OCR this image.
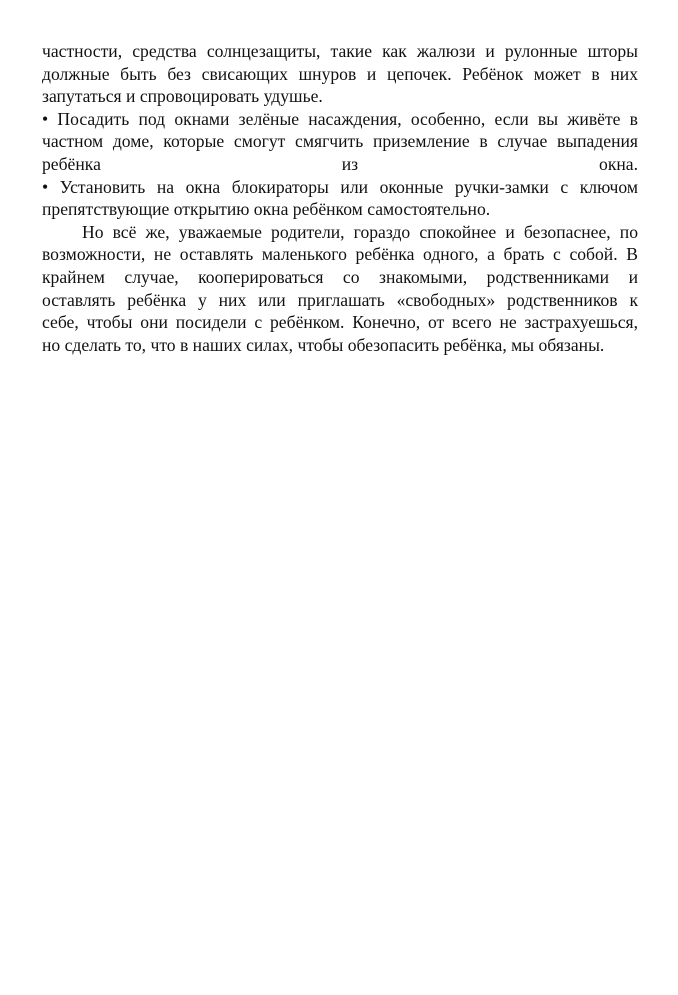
частности, средства солнцезащиты, такие как жалюзи и рулонные шторы
должные быть без свисающих шнуров и цепочек. Ребёнок может в них
запутаться и спровоцировать удушье.
• Посадить под окнами зелёные насаждения, особенно, если вы живёте в
частном доме, которые смогут смягчить приземление в случае выпадения
ребёнка из окна.
• Установить на окна блокираторы или оконные ручки-замки с ключом
препятствующие открытию окна ребёнком самостоятельно.
Но всё же, уважаемые родители, гораздо спокойнее и безопаснее, по
возможности, не оставлять маленького ребёнка одного, а брать с собой. В
крайнем случае, кооперироваться со знакомыми, родственниками и
оставлять ребёнка у них или приглашать «свободных» родственников к
себе, чтобы они посидели с ребёнком. Конечно, от всего не застрахуешься,
но сделать то, что в наших силах, чтобы обезопасить ребёнка, мы обязаны.
